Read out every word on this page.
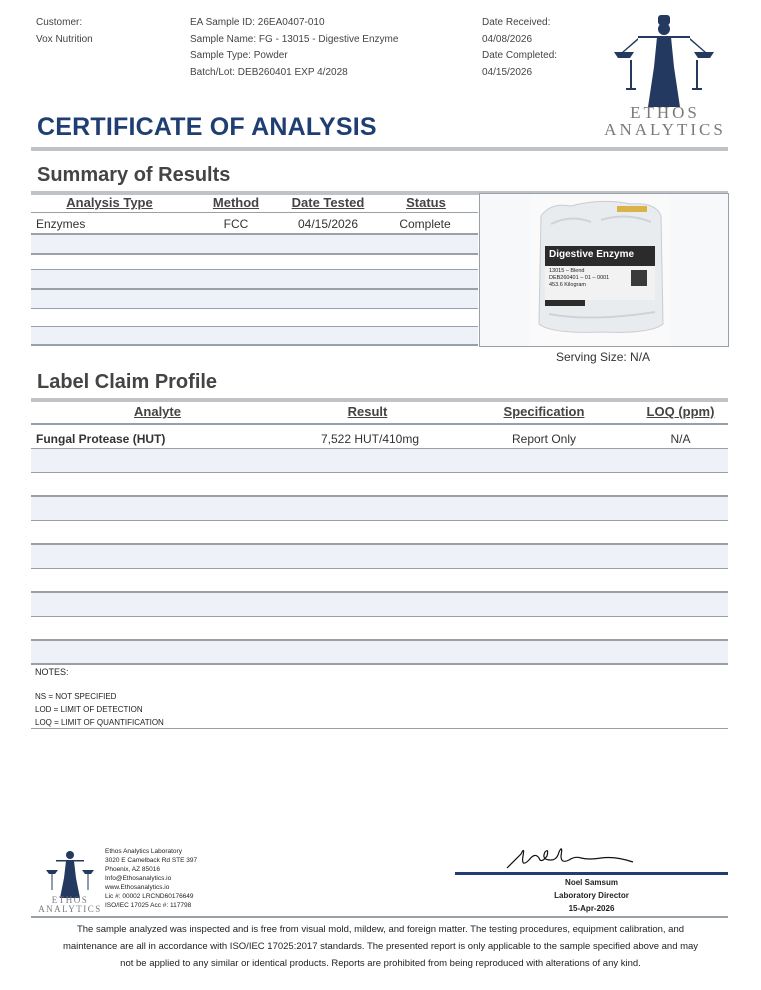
Customer:
Vox Nutrition
EA Sample ID: 26EA0407-010
Sample Name: FG - 13015 - Digestive Enzyme
Sample Type: Powder
Batch/Lot: DEB260401 EXP 4/2028
Date Received:
04/08/2026
Date Completed:
04/15/2026
ETHOS
ANALYTICS
CERTIFICATE OF ANALYSIS
Summary of Results
Analysis Type	Method	Date Tested	Status
Enzymes	FCC	04/15/2026	Complete
Digestive Enzyme
13015 – Blend
DEB260401 – 01 – 0001
453.6 Kilogram
Serving Size: N/A
Label Claim Profile
Analyte	Result	Specification	LOQ (ppm)
Fungal Protease (HUT)	7,522 HUT/410mg	Report Only	N/A
NOTES:
NS = NOT SPECIFIED
LOD = LIMIT OF DETECTION
LOQ = LIMIT OF QUANTIFICATION
ETHOS
ANALYTICS
Ethos Analytics Laboratory
3020 E Camelback Rd STE 397
Phoenix, AZ 85016
Info@Ethosanalytics.io
www.Ethosanalytics.io
Lic #: 00002 LRCND60176649
ISO/IEC 17025 Acc #: 117798
Noel Samsum
Laboratory Director
15-Apr-2026
The sample analyzed was inspected and is free from visual mold, mildew, and foreign matter. The testing procedures, equipment calibration, and
maintenance are all in accordance with ISO/IEC 17025:2017 standards. The presented report is only applicable to the sample specified above and may
not be applied to any similar or identical products. Reports are prohibited from being reproduced with alterations of any kind.
